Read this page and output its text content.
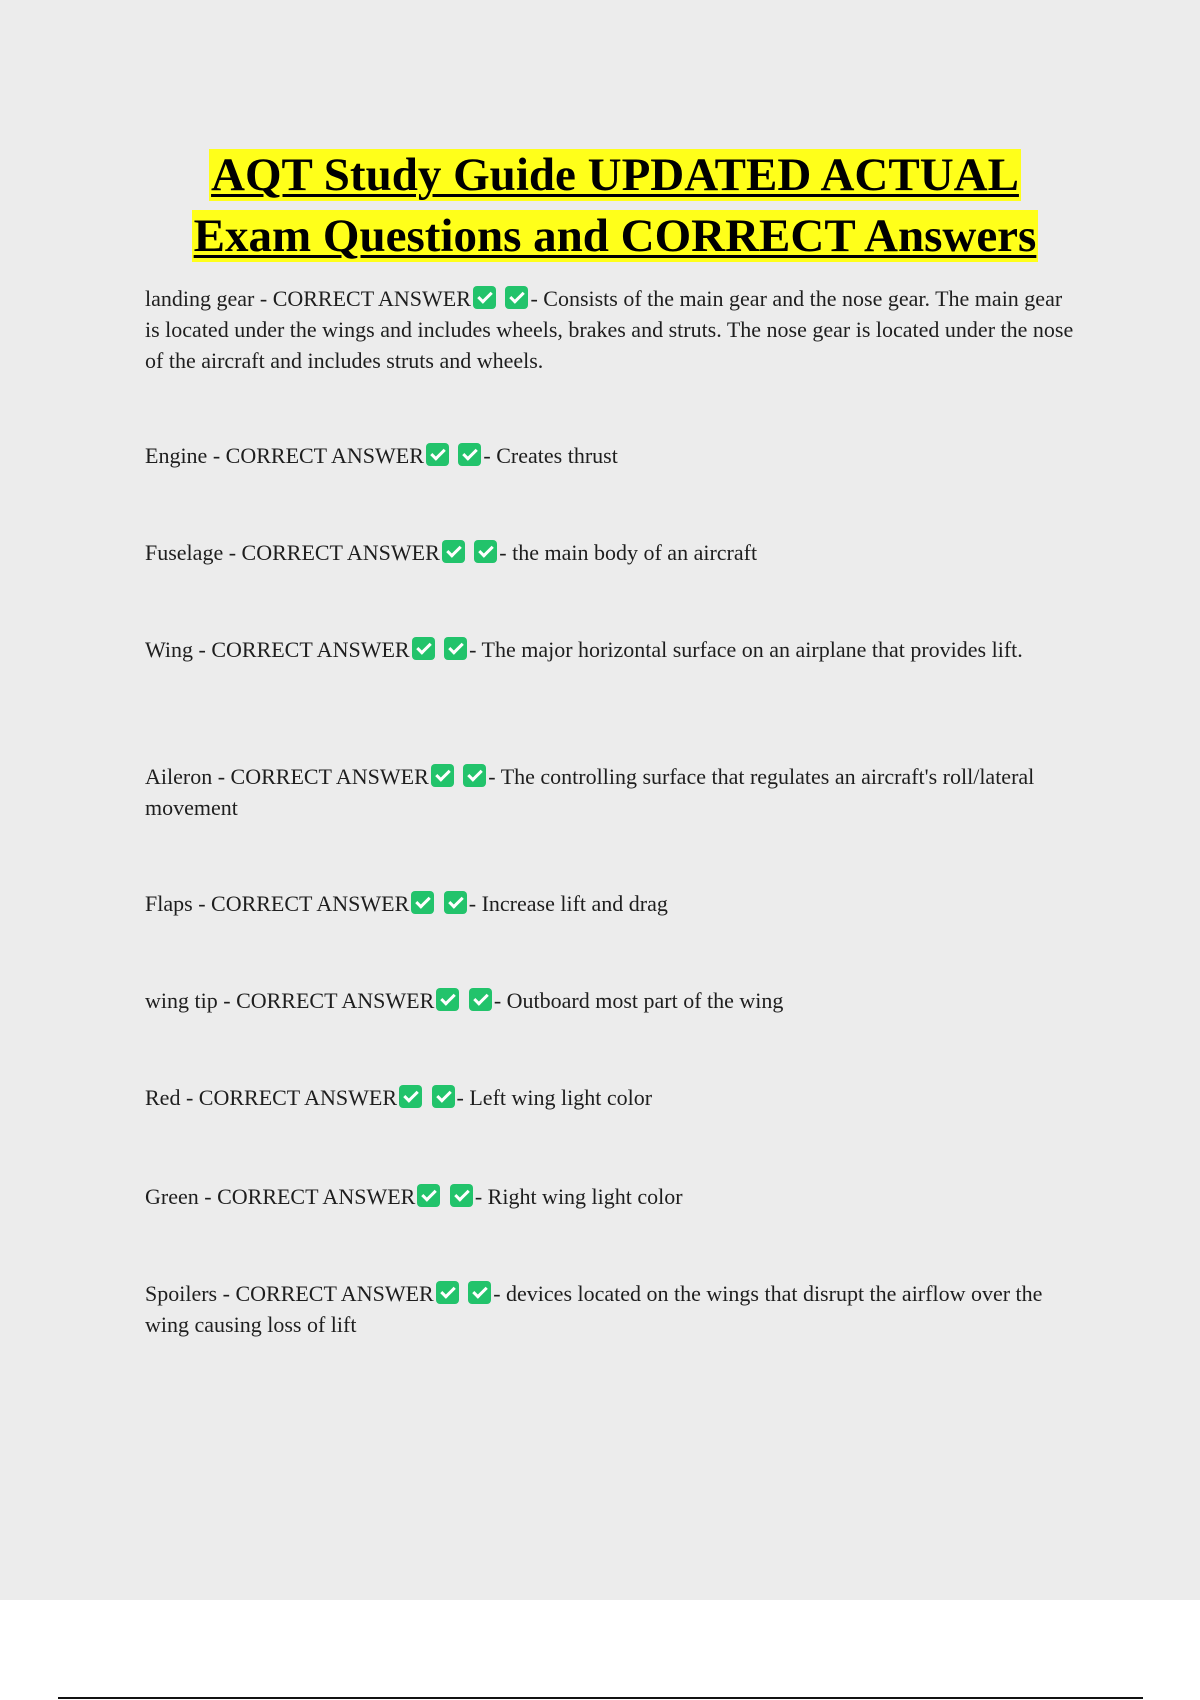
AQT Study Guide UPDATED ACTUAL
Exam Questions and CORRECT Answers
landing gear - CORRECT ANSWER	- Consists of the main gear and the nose gear. The main gear is located under the wings and includes wheels, brakes and struts. The nose gear is located under the nose of the aircraft and includes struts and wheels.
Engine - CORRECT ANSWER	- Creates thrust
Fuselage - CORRECT ANSWER	- the main body of an aircraft
Wing - CORRECT ANSWER	- The major horizontal surface on an airplane that provides lift.
Aileron - CORRECT ANSWER	- The controlling surface that regulates an aircraft's roll/lateral movement
Flaps - CORRECT ANSWER	- Increase lift and drag
wing tip - CORRECT ANSWER	- Outboard most part of the wing
Red - CORRECT ANSWER	- Left wing light color
Green - CORRECT ANSWER	- Right wing light color
Spoilers - CORRECT ANSWER	- devices located on the wings that disrupt the airflow over the wing causing loss of lift
